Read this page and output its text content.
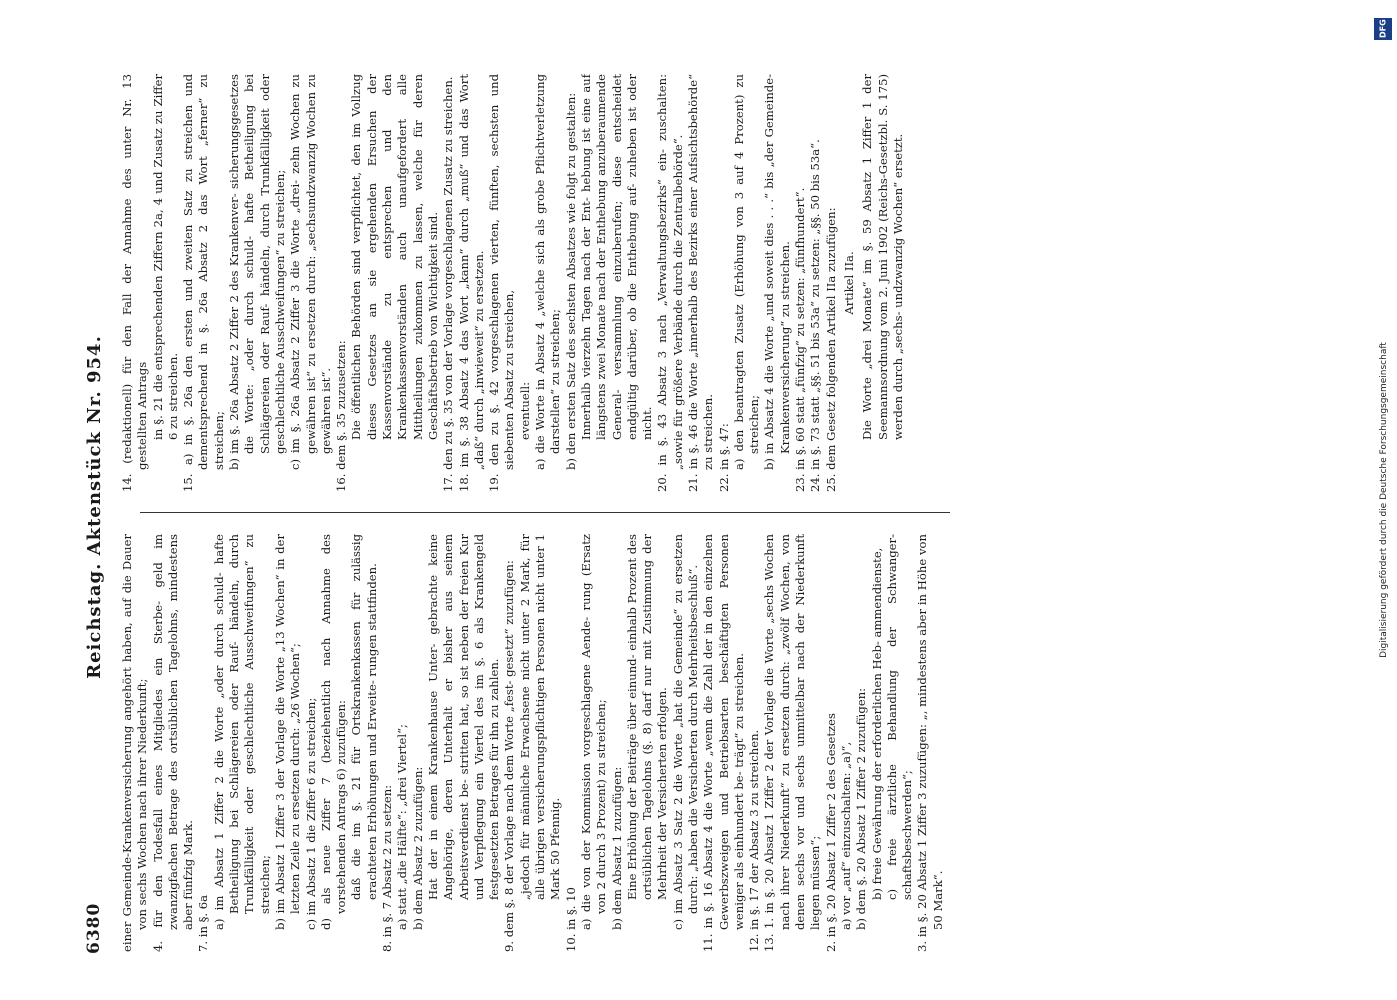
6380
Reichstag. Aktenstück Nr. 954.

einer Gemeinde-Krankenversicherung angehört haben, auf die Dauer von sechs Wochen nach ihrer Niederkunft; 4. für den Todesfall eines Mitgliedes ein Sterbe- geld im zwanzigfachen Betrage des ortsüblichen Tagelohns, mindestens aber fünfzig Mark. 7. in §. 6a a) im Absatz 1 Ziffer 2 die Worte „oder durch schuld- hafte Betheiligung bei Schlägereien oder Rauf- händeln, durch Trunkfälligkeit oder geschlechtliche Ausschweifungen“ zu streichen; b) im Absatz 1 Ziffer 3 der Vorlage die Worte „13 Wochen“ in der letzten Zeile zu ersetzen durch: „26 Wochen“; c) im Absatz 1 die Ziffer 6 zu streichen; d) als neue Ziffer 7 (beziehentlich nach Annahme des vorstehenden Antrags 6) zuzufügen: daß die im §. 21 für Ortskrankenkassen für zulässig erachteten Erhöhungen und Erweite- rungen stattfinden. 8. in §. 7 Absatz 2 zu setzen: a) statt „die Hälfte“: „drei Viertel“; b) dem Absatz 2 zuzufügen: Hat der in einem Krankenhause Unter- gebrachte keine Angehörige, deren Unterhalt er bisher aus seinem Arbeitsverdienst be- stritten hat, so ist neben der freien Kur und Verpflegung ein Viertel des im §. 6 als Krankengeld festgesetzten Betrages für ihn zu zahlen. 9. dem §. 8 der Vorlage nach dem Worte „fest- gesetzt“ zuzufügen: „jedoch für männliche Erwachsene nicht unter 2 Mark, für alle übrigen versicherungspflichtigen Personen nicht unter 1 Mark 50 Pfennig.

10. in §. 10 a) die von der Kommission vorgeschlagene Aende- rung (Ersatz von 2 durch 3 Prozent) zu streichen; b) dem Absatz 1 zuzufügen: Eine Erhöhung der Beiträge über einund- einhalb Prozent des ortsüblichen Tagelohns (§. 8) darf nur mit Zustimmung der Mehrheit der Versicherten erfolgen. c) im Absatz 3 Satz 2 die Worte „hat die Gemeinde“ zu ersetzen durch: „haben die Versicherten durch Mehrheitsbeschluß“. 11. in §. 16 Absatz 4 die Worte „wenn die Zahl der in den einzelnen Gewerbszweigen und Betriebsarten beschäftigten Personen weniger als einhundert be- trägt“ zu streichen. 12. in §. 17 der Absatz 3 zu streichen. 13. 1. in §. 20 Absatz 1 Ziffer 2 der Vorlage die Worte „sechs Wochen nach ihrer Niederkunft“ zu ersetzen durch: „zwölf Wochen, von denen sechs vor und sechs unmittelbar nach der Niederkunft liegen müssen“; 2. in §. 20 Absatz 1 Ziffer 2 des Gesetzes a) vor „auf“ einzuschalten: „a)“, b) dem §. 20 Absatz 1 Ziffer 2 zuzufügen: b) freie Gewährung der erforderlichen Heb- ammendienste, c) freie ärztliche Behandlung der Schwanger- schaftsbeschwerden“; 3. in §. 20 Absatz 1 Ziffer 3 zuzufügen: „, mindestens aber in Höhe von 50 Mark“.

14. (redaktionell) für den Fall der Annahme des unter Nr. 13 gestellten Antrags in §. 21 die entsprechenden Ziffern 2a, 4 und Zusatz zu Ziffer 6 zu streichen. 15. a) in §. 26a den ersten und zweiten Satz zu streichen und dementsprechend in §. 26a Absatz 2 das Wort „ferner“ zu streichen; b) im §. 26a Absatz 2 Ziffer 2 des Krankenver- sicherungsgesetzes die Worte: „oder durch schuld- hafte Betheiligung bei Schlägereien oder Rauf- händeln, durch Trunkfälligkeit oder geschlechtliche Ausschweifungen“ zu streichen; c) im §. 26a Absatz 2 Ziffer 3 die Worte „drei- zehn Wochen zu gewähren ist“ zu ersetzen durch: „sechsundzwanzig Wochen zu gewähren ist“. 16. dem §. 35 zuzusetzen: Die öffentlichen Behörden sind verpflichtet, den im Vollzug dieses Gesetzes an sie ergehenden Ersuchen der Kassenvorstände zu entsprechen und den Krankenkassenvorständen auch unaufgefordert alle Mittheilungen zukommen zu lassen, welche für deren Geschäftsbetrieb von Wichtigkeit sind. 17. den zu §. 35 von der Vorlage vorgeschlagenen Zusatz zu streichen. 18. im §. 38 Absatz 4 das Wort „kann“ durch „muß“ und das Wort „daß“ durch „inwieweit“ zu ersetzen. 19. den zu §. 42 vorgeschlagenen vierten, fünften, sechsten und siebenten Absatz zu streichen, eventuell: a) die Worte in Absatz 4 „welche sich als grobe Pflichtverletzung darstellen“ zu streichen; b) den ersten Satz des sechsten Absatzes wie folgt zu gestalten: Innerhalb vierzehn Tagen nach der Ent- hebung ist eine auf längstens zwei Monate nach der Enthebung anzuberaumende General- versammlung einzuberufen; diese entscheidet endgültig darüber, ob die Enthebung auf- zuheben ist oder nicht. 20. in §. 43 Absatz 3 nach „Verwaltungsbezirks“ ein- zuschalten: „sowie für größere Verbände durch die Zentralbehörde“. 21. in §. 46 die Worte „innerhalb des Bezirks einer Aufsichtsbehörde“ zu streichen. 22. in §. 47: a) den beantragten Zusatz (Erhöhung von 3 auf 4 Prozent) zu streichen; b) in Absatz 4 die Worte „und soweit dies . . .“ bis „der Gemeinde-Krankenversicherung“ zu streichen. 23. in §. 60 statt „fünfzig“ zu setzen: „fünfhundert“. 24. in §. 73 statt „§§. 51 bis 53a“ zu setzen: „§§. 50 bis 53a“. 25. dem Gesetz folgenden Artikel IIa zuzufügen: Artikel IIa. Die Worte „drei Monate“ im §. 59 Absatz 1 Ziffer 1 der Seemannsordnung vom 2. Juni 1902 (Reichs-Gesetzbl. S. 175) werden durch „sechs- undzwanzig Wochen“ ersetzt.

DFG
Digitalisierung gefördert durch die Deutsche Forschungsgemeinschaft
